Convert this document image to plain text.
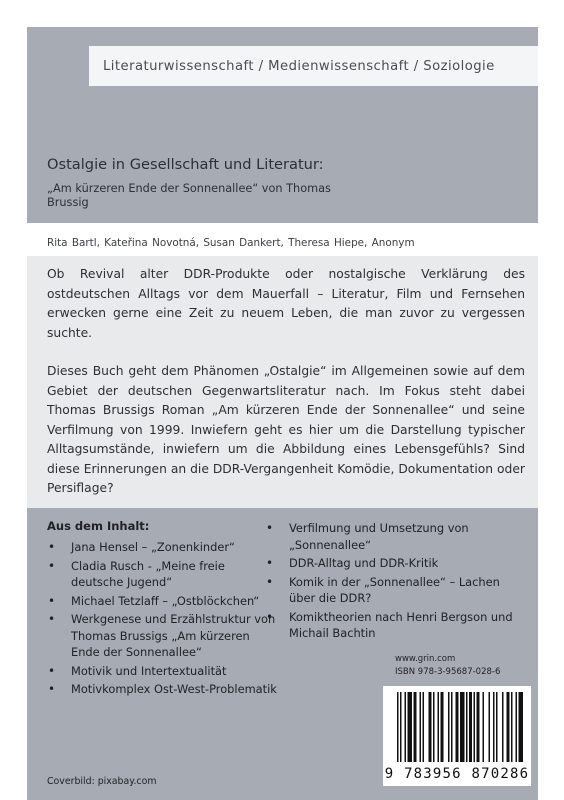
Literaturwissenschaft / Medienwissenschaft / Soziologie
Ostalgie in Gesellschaft und Literatur:
„Am kürzeren Ende der Sonnenallee“ von Thomas Brussig
Rita Bartl, Kateřina Novotná, Susan Dankert, Theresa Hiepe, Anonym

Ob Revival alter DDR-Produkte oder nostalgische Verklärung des ostdeutschen Alltags vor dem Mauerfall – Literatur, Film und Fernsehen erwecken gerne eine Zeit zu neuem Leben, die man zuvor zu vergessen suchte.

Dieses Buch geht dem Phänomen „Ostalgie“ im Allgemeinen sowie auf dem Gebiet der deutschen Gegenwartsliteratur nach. Im Fokus steht dabei Thomas Brussigs Roman „Am kürzeren Ende der Sonnenallee“ und seine Verfilmung von 1999. Inwiefern geht es hier um die Darstellung typischer Alltagsumstände, inwiefern um die Abbildung eines Lebensgefühls? Sind diese Erinnerungen an die DDR-Vergangenheit Komödie, Dokumentation oder Persiflage?

Aus dem Inhalt:
• Jana Hensel – „Zonenkinder“
• Cladia Rusch - „Meine freie deutsche Jugend“
• Michael Tetzlaff – „Ostblöckchen“
• Werkgenese und Erzählstruktur von Thomas Brussigs „Am kürzeren Ende der Sonnenallee“
• Motivik und Intertextualität
• Motivkomplex Ost-West-Problematik
• Verfilmung und Umsetzung von „Sonnenallee“
• DDR-Alltag und DDR-Kritik
• Komik in der „Sonnenallee“ – Lachen über die DDR?
• Komiktheorien nach Henri Bergson und Michail Bachtin
www.grin.com
ISBN 978-3-95687-028-6
9 783956 870286
Coverbild: pixabay.com
